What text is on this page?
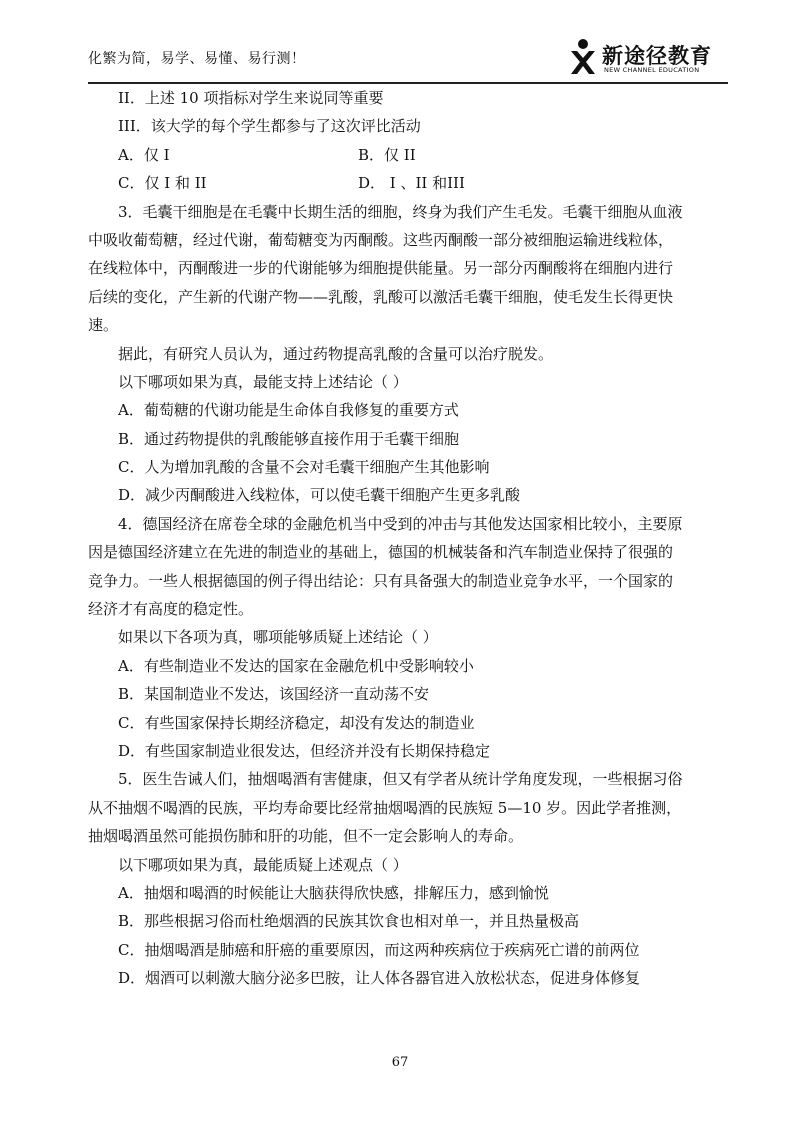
化繁为简，易学、易懂、易行测！	新途径教育
NEW CHANNEL EDUCATION
II．上述 10 项指标对学生来说同等重要
III．该大学的每个学生都参与了这次评比活动
A．仅 I	B．仅 II
C．仅 I 和 II	D． I 、II 和III
3．毛囊干细胞是在毛囊中长期生活的细胞，终身为我们产生毛发。毛囊干细胞从血液
中吸收葡萄糖，经过代谢，葡萄糖变为丙酮酸。这些丙酮酸一部分被细胞运输进线粒体，
在线粒体中，丙酮酸进一步的代谢能够为细胞提供能量。另一部分丙酮酸将在细胞内进行
后续的变化，产生新的代谢产物——乳酸，乳酸可以激活毛囊干细胞，使毛发生长得更快
速。
据此，有研究人员认为，通过药物提高乳酸的含量可以治疗脱发。
以下哪项如果为真，最能支持上述结论（ ）
A．葡萄糖的代谢功能是生命体自我修复的重要方式
B．通过药物提供的乳酸能够直接作用于毛囊干细胞
C．人为增加乳酸的含量不会对毛囊干细胞产生其他影响
D．减少丙酮酸进入线粒体，可以使毛囊干细胞产生更多乳酸
4．德国经济在席卷全球的金融危机当中受到的冲击与其他发达国家相比较小，主要原
因是德国经济建立在先进的制造业的基础上，德国的机械装备和汽车制造业保持了很强的
竞争力。一些人根据德国的例子得出结论：只有具备强大的制造业竞争水平，一个国家的
经济才有高度的稳定性。
如果以下各项为真，哪项能够质疑上述结论（ ）
A．有些制造业不发达的国家在金融危机中受影响较小
B．某国制造业不发达，该国经济一直动荡不安
C．有些国家保持长期经济稳定，却没有发达的制造业
D．有些国家制造业很发达，但经济并没有长期保持稳定
5．医生告诫人们，抽烟喝酒有害健康，但又有学者从统计学角度发现，一些根据习俗
从不抽烟不喝酒的民族，平均寿命要比经常抽烟喝酒的民族短 5—10 岁。因此学者推测，
抽烟喝酒虽然可能损伤肺和肝的功能，但不一定会影响人的寿命。
以下哪项如果为真，最能质疑上述观点（ ）
A．抽烟和喝酒的时候能让大脑获得欣快感，排解压力，感到愉悦
B．那些根据习俗而杜绝烟酒的民族其饮食也相对单一，并且热量极高
C．抽烟喝酒是肺癌和肝癌的重要原因，而这两种疾病位于疾病死亡谱的前两位
D．烟酒可以刺激大脑分泌多巴胺，让人体各器官进入放松状态，促进身体修复
67
